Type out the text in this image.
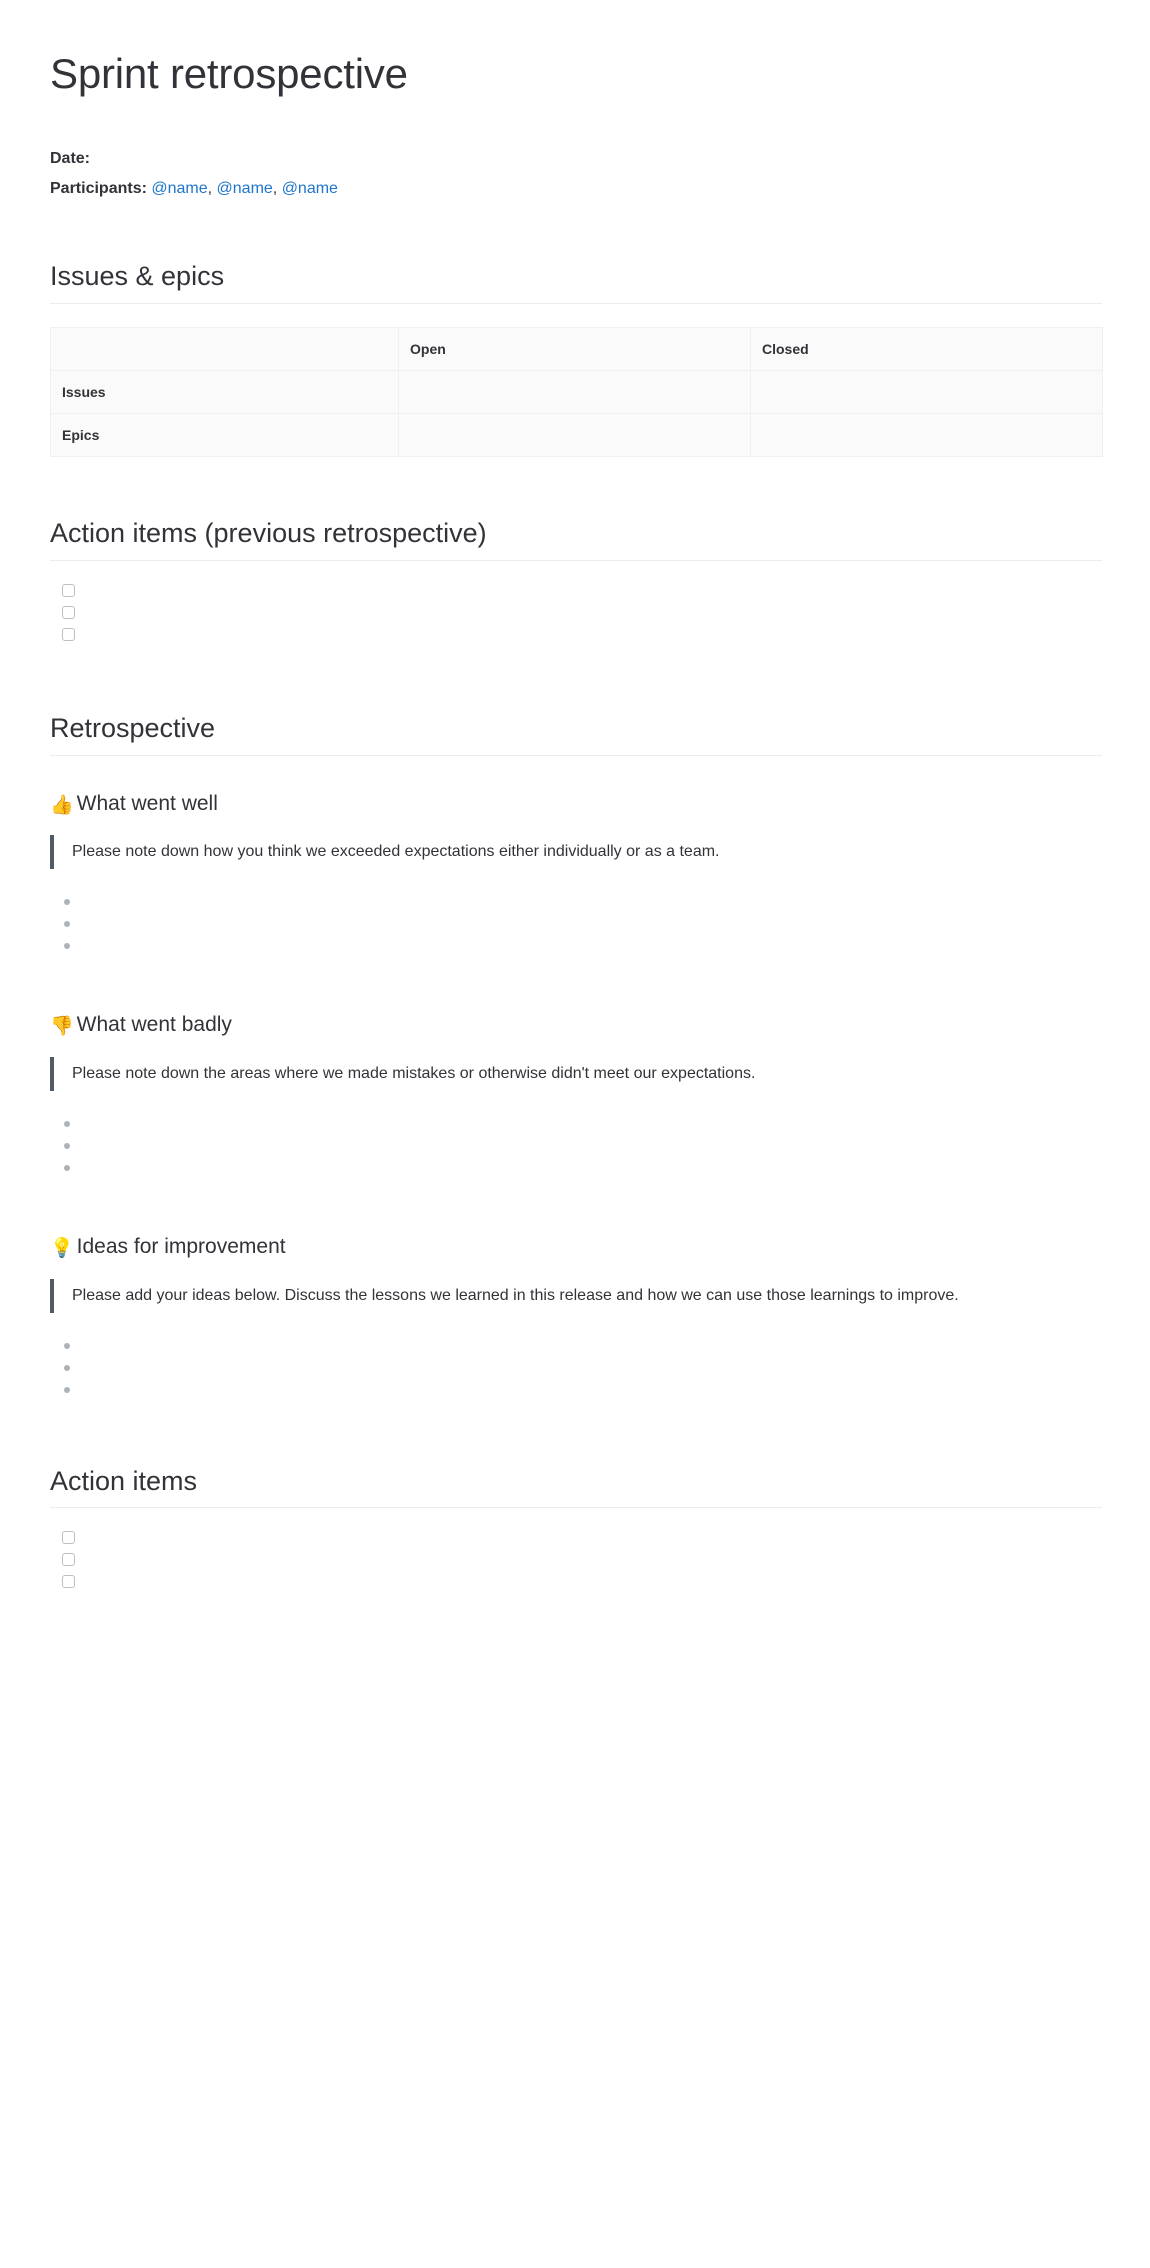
Sprint retrospective
Date:
Participants: @name, @name, @name
Issues & epics
	Open	Closed
Issues		
Epics		
Action items (previous retrospective)
Retrospective
👍 What went well

Please note down how you think we exceeded expectations either individually or as a team.

👎 What went badly

Please note down the areas where we made mistakes or otherwise didn't meet our expectations.

💡 Ideas for improvement

Please add your ideas below. Discuss the lessons we learned in this release and how we can use those learnings to improve.

Action items
